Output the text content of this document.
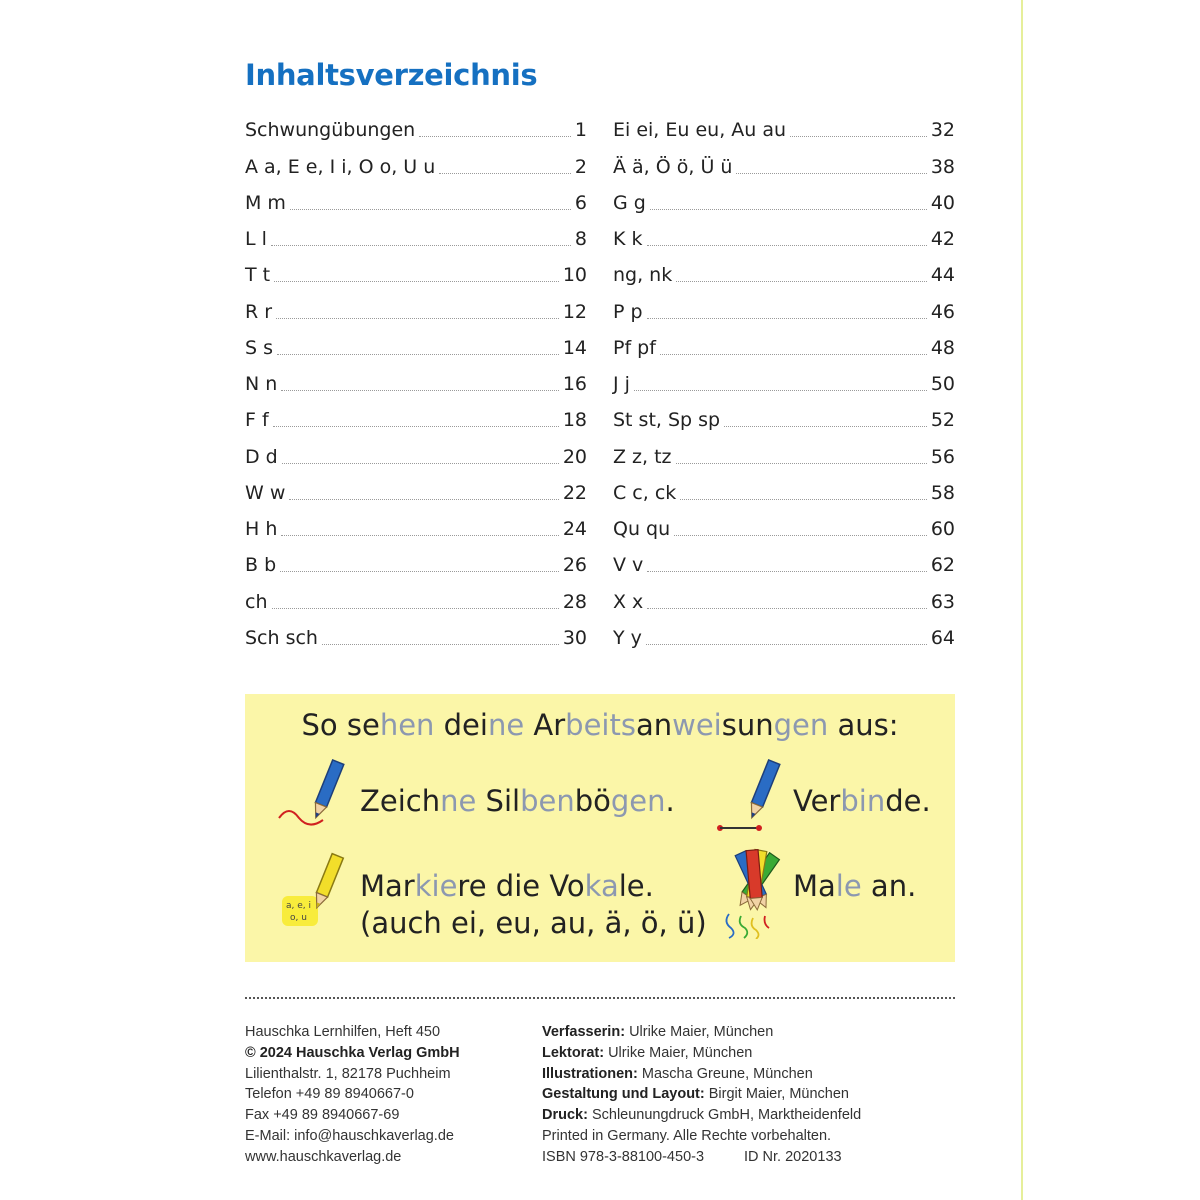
Inhaltsverzeichnis
Schwungübungen	1
A a, E e, I i, O o, U u	2
M m	6
L l	8
T t	10
R r	12
S s	14
N n	16
F f	18
D d	20
W w	22
H h	24
B b	26
ch	28
Sch sch	30
Ei ei, Eu eu, Au au	32
Ä ä, Ö ö, Ü ü	38
G g	40
K k	42
ng, nk	44
P p	46
Pf pf	48
J j	50
St st, Sp sp	52
Z z, tz	56
C c, ck	58
Qu qu	60
V v	62
X x	63
Y y	64
So sehen deine Arbeitsanweisungen aus:
Zeichne Silbenbögen.	Verbinde.
a, e, i
o, u
Markiere die Vokale.
(auch ei, eu, au, ä, ö, ü)
Male an.
Hauschka Lernhilfen, Heft 450
© 2024 Hauschka Verlag GmbH
Lilienthalstr. 1, 82178 Puchheim
Telefon +49 89 8940667-0
Fax +49 89 8940667-69
E-Mail: info@hauschkaverlag.de
www.hauschkaverlag.de
Verfasserin: Ulrike Maier, München
Lektorat: Ulrike Maier, München
Illustrationen: Mascha Greune, München
Gestaltung und Layout: Birgit Maier, München
Druck: Schleunungdruck GmbH, Marktheidenfeld
Printed in Germany. Alle Rechte vorbehalten.
ISBN 978-3-88100-450-3	ID Nr. 2020133
